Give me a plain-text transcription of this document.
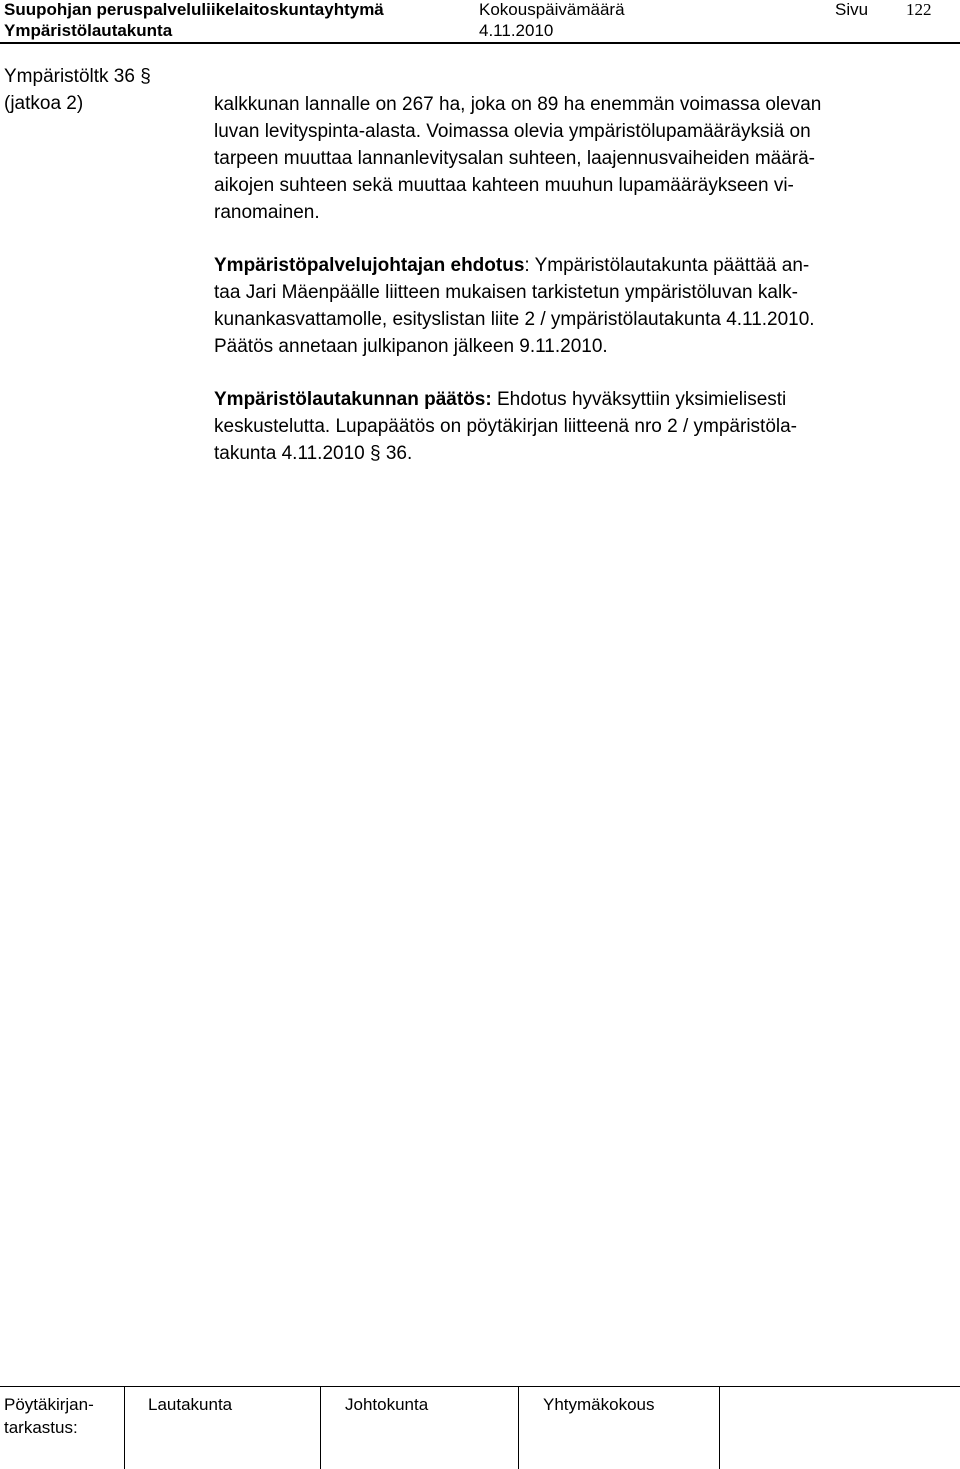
Suupohjan peruspalveluliikelaitoskuntayhtymä
Ympäristölautakunta
Kokouspäivämäärä
4.11.2010
Sivu 122
Ympäristöltk 36 §
(jatkoa 2)	kalkkunan lannalle on 267 ha, joka on 89 ha enemmän voimassa olevan
luvan levityspinta-alasta. Voimassa olevia ympäristölupamääräyksiä on
tarpeen muuttaa lannanlevitysalan suhteen, laajennusvaiheiden määrä-
aikojen suhteen sekä muuttaa kahteen muuhun lupamääräykseen vi-
ranomainen.

Ympäristöpalvelujohtajan ehdotus: Ympäristölautakunta päättää an-
taa Jari Mäenpäälle liitteen mukaisen tarkistetun ympäristöluvan kalk-
kunankasvattamolle, esityslistan liite 2 / ympäristölautakunta 4.11.2010.
Päätös annetaan julkipanon jälkeen 9.11.2010.

Ympäristölautakunnan päätös: Ehdotus hyväksyttiin yksimielisesti
keskustelutta. Lupapäätös on pöytäkirjan liitteenä nro 2 / ympäristöla-
takunta 4.11.2010 § 36.

Pöytäkirjan-
tarkastus:
Lautakunta	Johtokunta	Yhtymäkokous
